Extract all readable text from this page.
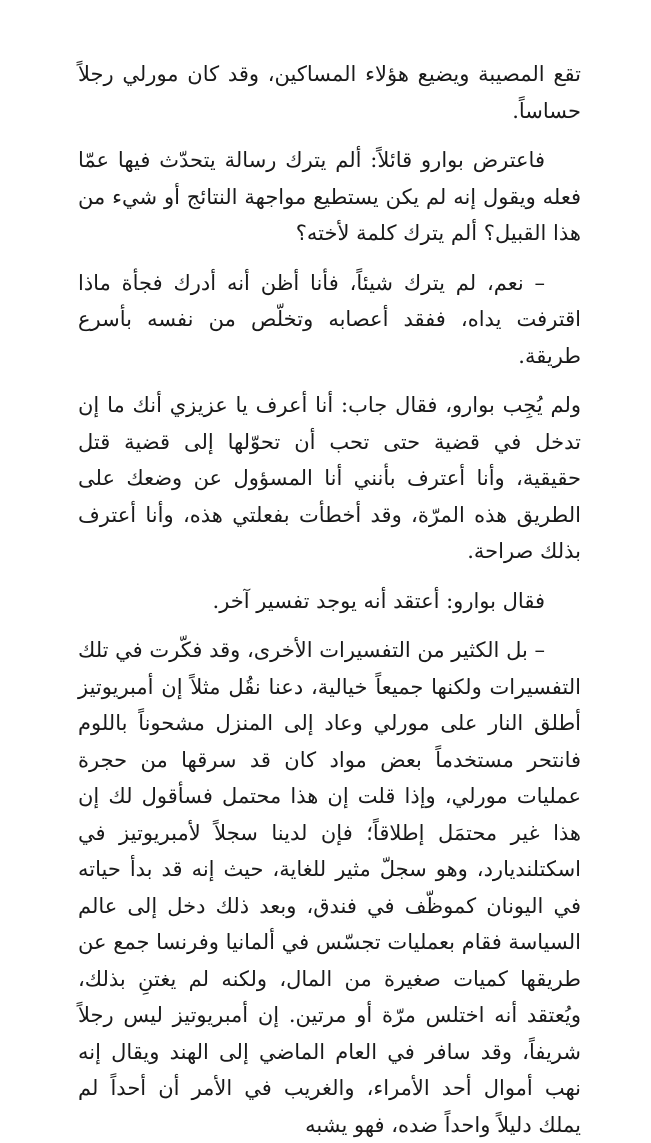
تقع المصيبة ويضيع هؤلاء المساكين، وقد كان مورلي رجلاً حساساً.

فاعترض بوارو قائلاً: ألم يترك رسالة يتحدّث فيها عمّا فعله ويقول إنه لم يكن يستطيع مواجهة النتائج أو شيء من هذا القبيل؟ ألم يترك كلمة لأخته؟

– نعم، لم يترك شيئاً، فأنا أظن أنه أدرك فجأة ماذا اقترفت يداه، ففقد أعصابه وتخلّص من نفسه بأسرع طريقة.

ولم يُجِب بوارو، فقال جاب: أنا أعرف يا عزيزي أنك ما إن تدخل في قضية حتى تحب أن تحوّلها إلى قضية قتل حقيقية، وأنا أعترف بأنني أنا المسؤول عن وضعك على الطريق هذه المرّة، وقد أخطأت بفعلتي هذه، وأنا أعترف بذلك صراحة.

فقال بوارو: أعتقد أنه يوجد تفسير آخر.

– بل الكثير من التفسيرات الأخرى، وقد فكّرت في تلك التفسيرات ولكنها جميعاً خيالية، دعنا نقُل مثلاً إن أمبريوتيز أطلق النار على مورلي وعاد إلى المنزل مشحوناً باللوم فانتحر مستخدماً بعض مواد كان قد سرقها من حجرة عمليات مورلي، وإذا قلت إن هذا محتمل فسأقول لك إن هذا غير محتمَل إطلاقاً؛ فإن لدينا سجلاً لأمبريوتيز في اسكتلنديارد، وهو سجلّ مثير للغاية، حيث إنه قد بدأ حياته في اليونان كموظّف في فندق، وبعد ذلك دخل إلى عالم السياسة فقام بعمليات تجسّس في ألمانيا وفرنسا جمع عن طريقها كميات صغيرة من المال، ولكنه لم يغتنِ بذلك، ويُعتقد أنه اختلس مرّة أو مرتين. إن أمبريوتيز ليس رجلاً شريفاً، وقد سافر في العام الماضي إلى الهند ويقال إنه نهب أموال أحد الأمراء، والغريب في الأمر أن أحداً لم يملك دليلاً واحداً ضده، فهو يشبه
